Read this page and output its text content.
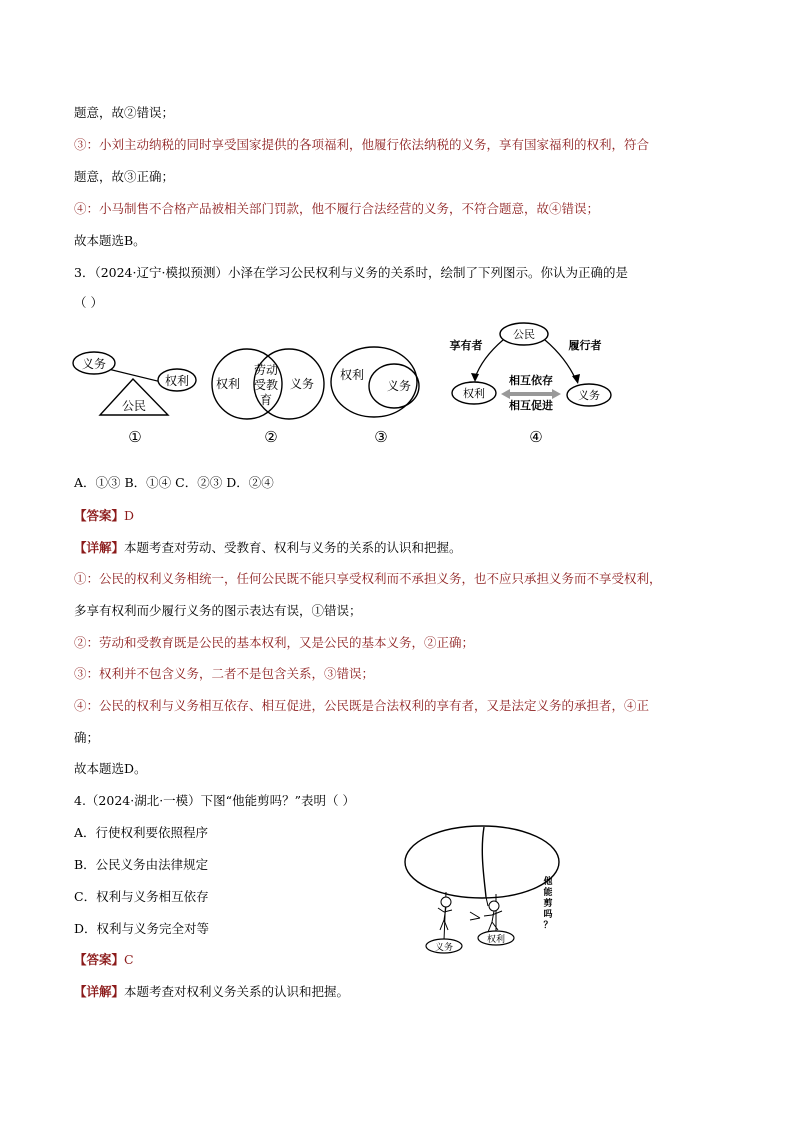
题意，故②错误；
③：小刘主动纳税的同时享受国家提供的各项福利，他履行依法纳税的义务，享有国家福利的权利，符合
题意，故③正确；
④：小马制售不合格产品被相关部门罚款，他不履行合法经营的义务，不符合题意，故④错误；
故本题选B。
3．（2024·辽宁·模拟预测）小泽在学习公民权利与义务的关系时，绘制了下列图示。你认为正确的是
（ ）
义务
权利
公民
①
权利
劳动
受教
育
义务
②
权利
义务
③
公民
享有者	履行者
权利	义务
相互依存
相互促进
④
A．①③ B．①④ C．②③ D．②④
【答案】D
【详解】本题考查对劳动、受教育、权利与义务的关系的认识和把握。
①：公民的权利义务相统一，任何公民既不能只享受权利而不承担义务，也不应只承担义务而不享受权利，
多享有权利而少履行义务的图示表达有误，①错误；
②：劳动和受教育既是公民的基本权利，又是公民的基本义务，②正确；
③：权利并不包含义务，二者不是包含关系，③错误；
④：公民的权利与义务相互依存、相互促进，公民既是合法权利的享有者，又是法定义务的承担者，④正
确；
故本题选D。
4.（2024·湖北·一模）下图“他能剪吗？”表明（ ）
A．行使权利要依照程序
B．公民义务由法律规定
C．权利与义务相互依存
D．权利与义务完全对等
义务
权利
他
能
剪
吗
？
【答案】C
【详解】本题考查对权利义务关系的认识和把握。
